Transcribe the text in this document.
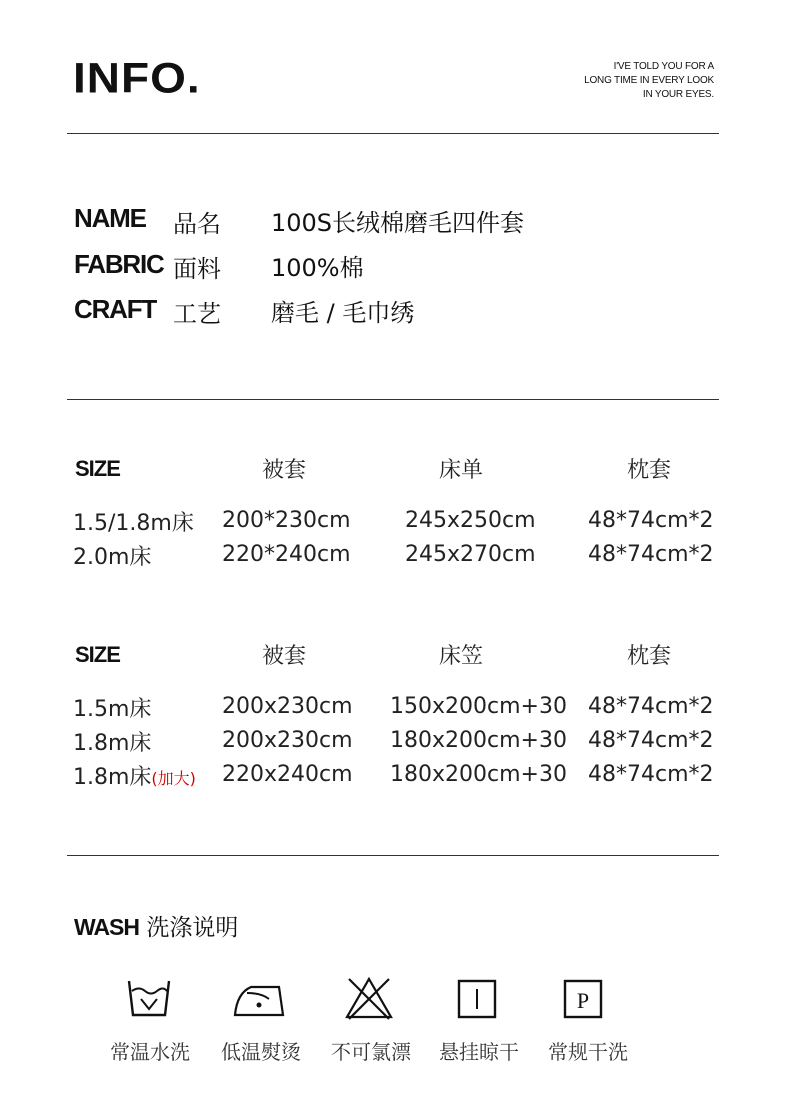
INFO.	I'VE TOLD YOU FOR A
LONG TIME IN EVERY LOOK
IN YOUR EYES.
NAME 品名 100S长绒棉磨毛四件套
FABRIC 面料 100%棉
CRAFT 工艺 磨毛 / 毛巾绣
SIZE	被套	床单	枕套
1.5/1.8m床 200*230cm 245x250cm 48*74cm*2
2.0m床	220*240cm 245x270cm 48*74cm*2
SIZE	被套	床笠	枕套
1.5m床	200x230cm 150x200cm+30 48*74cm*2
1.8m床	200x230cm 180x200cm+30 48*74cm*2
1.8m床(加大) 220x240cm 180x200cm+30 48*74cm*2
WASH 洗涤说明
P
常温水洗	低温熨烫	不可氯漂	悬挂晾干	常规干洗
